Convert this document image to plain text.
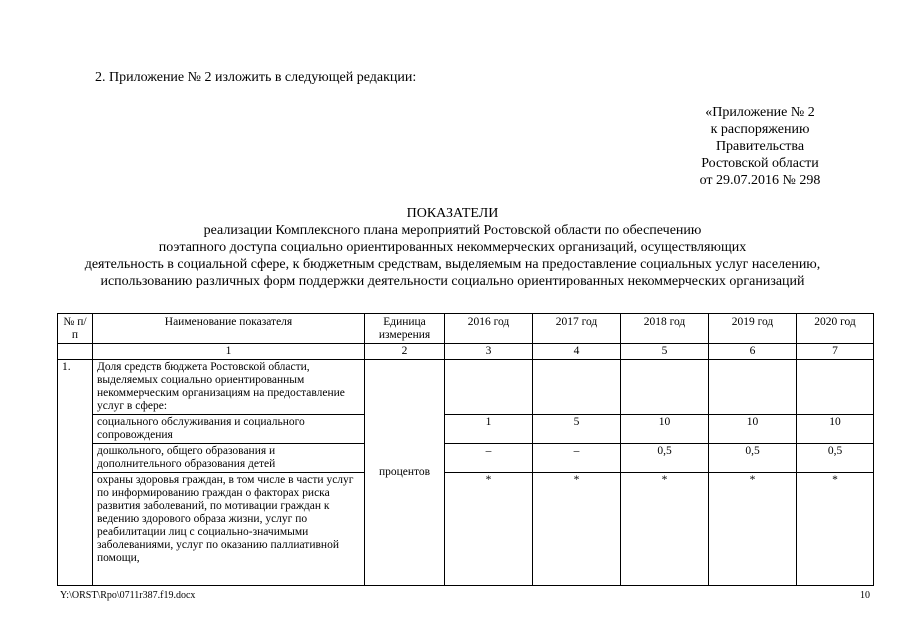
2. Приложение № 2 изложить в следующей редакции:
«Приложение № 2
к распоряжению
Правительства
Ростовской области
от 29.07.2016 № 298
ПОКАЗАТЕЛИ
реализации Комплексного плана мероприятий Ростовской области по обеспечению
поэтапного доступа социально ориентированных некоммерческих организаций, осуществляющих
деятельность в социальной сфере, к бюджетным средствам, выделяемым на предоставление социальных услуг населению,
использованию различных форм поддержки деятельности социально ориентированных некоммерческих организаций
№ п/п	Наименование показателя	Единица измерения	2016 год	2017 год	2018 год	2019 год	2020 год
	1	2	3	4	5	6	7
1.	Доля средств бюджета Ростовской области, выделяемых социально ориентированным некоммерческим организациям на предоставление услуг в сфере:	процентов					
	социального обслуживания и социального сопровождения		1	5	10	10	10
	дошкольного, общего образования и дополнительного образования детей		–	–	0,5	0,5	0,5
	охраны здоровья граждан, в том числе в части услуг по информированию граждан о факторах риска развития заболеваний, по мотивации граждан к ведению здорового образа жизни, услуг по реабилитации лиц с социально-значимыми заболеваниями, услуг по оказанию паллиативной помощи,		*	*	*	*	*
Y:\ORST\Rpo\0711r387.f19.docx	10
